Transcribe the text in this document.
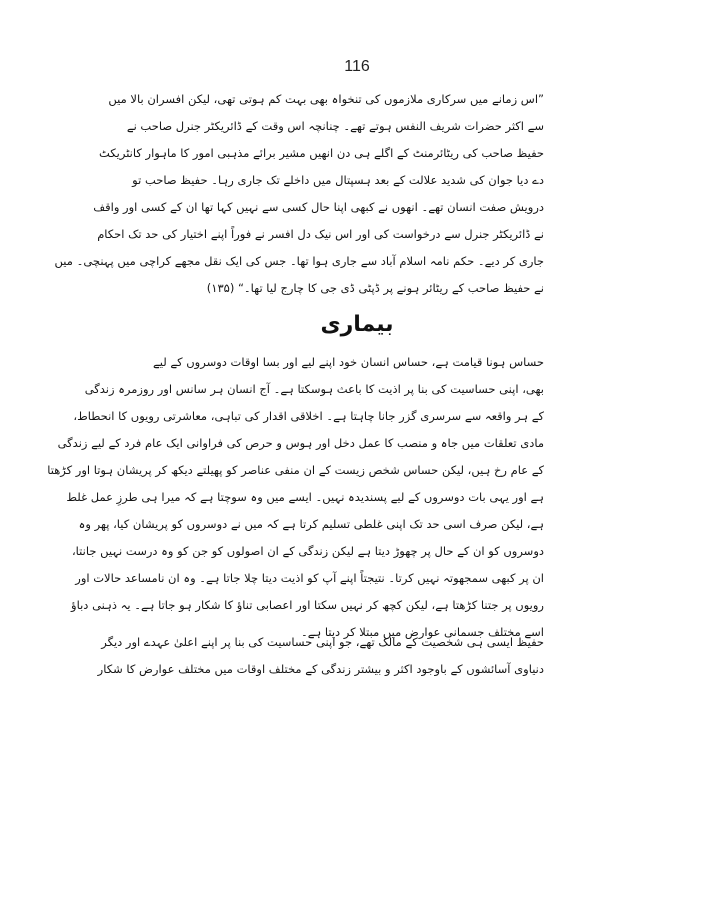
116
”اس زمانے میں سرکاری ملازموں کی تنخواہ بھی بہت کم ہوتی تھی، لیکن افسران بالا میں
سے اکثر حضرات شریف النفس ہوتے تھے۔ چنانچہ اس وقت کے ڈائریکٹر جنرل صاحب نے
حفیظ صاحب کی ریٹائرمنٹ کے اگلے ہی دن انھیں مشیر برائے مذہبی امور کا ماہوار کانٹریکٹ
دے دیا جوان کی شدید علالت کے بعد ہسپتال میں داخلے تک جاری رہا۔ حفیظ صاحب تو
درویش صفت انسان تھے۔ انھوں نے کبھی اپنا حال کسی سے نہیں کہا تھا ان کے کسی اور واقف
نے ڈائریکٹر جنرل سے درخواست کی اور اس نیک دل افسر نے فوراً اپنے اختیار کی حد تک احکام
جاری کر دیے۔ حکم نامہ اسلام آباد سے جاری ہوا تھا۔ جس کی ایک نقل مجھے کراچی میں پہنچی۔ میں
نے حفیظ صاحب کے ریٹائر ہونے پر ڈپٹی ڈی جی کا چارج لیا تھا۔“ (۱۳۵)
بیماری
حساس ہونا قیامت ہے، حساس انسان خود اپنے لیے اور بسا اوقات دوسروں کے لیے
بھی، اپنی حساسیت کی بنا پر اذیت کا باعث ہوسکتا ہے۔ آج انسان ہر سانس اور روزمرہ زندگی
کے ہر واقعہ سے سرسری گزر جانا چاہتا ہے۔ اخلاقی اقدار کی تباہی، معاشرتی رویوں کا انحطاط،
مادی تعلقات میں جاہ و منصب کا عمل دخل اور ہوس و حرص کی فراوانی ایک عام فرد کے لیے زندگی
کے عام رخ ہیں، لیکن حساس شخص زیست کے ان منفی عناصر کو پھیلتے دیکھ کر پریشان ہوتا اور کڑھتا
ہے اور یہی بات دوسروں کے لیے پسندیدہ نہیں۔ ایسے میں وہ سوچتا ہے کہ میرا ہی طرزِ عمل غلط
ہے، لیکن صرف اسی حد تک اپنی غلطی تسلیم کرتا ہے کہ میں نے دوسروں کو پریشان کیا، پھر وہ
دوسروں کو ان کے حال پر چھوڑ دیتا ہے لیکن زندگی کے ان اصولوں کو جن کو وہ درست نہیں جانتا،
ان پر کبھی سمجھوتہ نہیں کرتا۔ نتیجتاً اپنے آپ کو اذیت دیتا چلا جاتا ہے۔ وہ ان نامساعد حالات اور
رویوں پر جتنا کڑھتا ہے، لیکن کچھ کر نہیں سکتا اور اعصابی تناؤ کا شکار ہو جاتا ہے۔ یہ ذہنی دباؤ
اسے مختلف جسمانی عوارض میں مبتلا کر دیتا ہے۔
حفیظ ایسی ہی شخصیت کے مالک تھے، جو اپنی حساسیت کی بنا پر اپنے اعلیٰ عہدے اور دیگر
دنیاوی آسائشوں کے باوجود اکثر و بیشتر زندگی کے مختلف اوقات میں مختلف عوارض کا شکار
